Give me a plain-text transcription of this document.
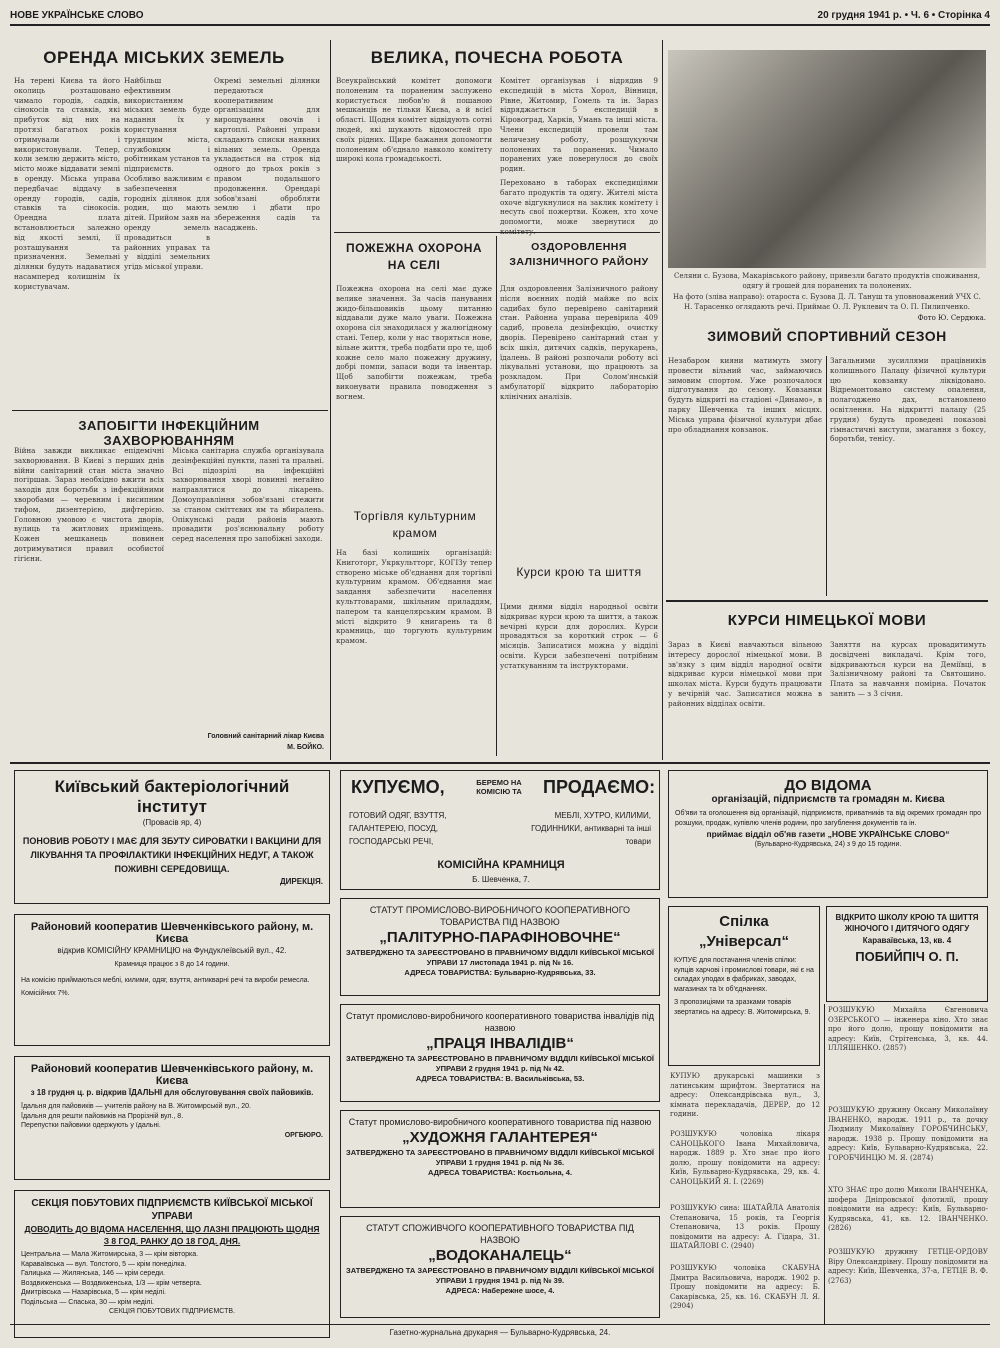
НОВЕ УКРАЇНСЬКЕ СЛОВО	20 грудня 1941 р. • Ч. 6 • Сторінка 4
ОРЕНДА МІСЬКИХ ЗЕМЕЛЬ
На терені Києва та його околиць розташовано чимало городів, садків, сінокосів та ставків, які прибуток від них на протязі багатьох років отримували і використовували. Тепер, коли землю держить місто, місто може віддавати землі в оренду. Міська управа передбачає віддачу в оренду городів, садів, ставків та сінокосів. Орендна плата встановлюється залежно від якості землі, її розташування та призначення. Земельні ділянки будуть надаватися насамперед колишнім їх користувачам.
Найбільш ефективним використанням міських земель буде надання їх у користування трудящим міста, службовцям і робітникам установ та підприємств. Особливо важливим є забезпечення городніх ділянок для родин, що мають дітей. Прийом заяв на оренду земель провадиться в районних управах та у відділі земельних угідь міської управи.
Окремі земельні ділянки передаються кооперативним організаціям для вирощування овочів і картоплі. Районні управи складають списки наявних вільних земель. Оренда укладається на строк від одного до трьох років з правом подальшого продовження. Орендарі зобов'язані обробляти землю і дбати про збереження садів та насаджень.
ЗАПОБІГТИ ІНФЕКЦІЙНИМ ЗАХВОРЮВАННЯМ
Війна завжди викликає епідемічні захворювання. В Києві з перших днів війни санітарний стан міста значно погіршав. Зараз необхідно вжити всіх заходів для боротьби з інфекційними хворобами — черевним і висипним тифом, дизентерією, дифтерією. Головною умовою є чистота дворів, вулиць та житлових приміщень. Кожен мешканець повинен дотримуватися правил особистої гігієни.
Міська санітарна служба організувала дезінфекційні пункти, лазні та пральні. Всі підозрілі на інфекційні захворювання хворі повинні негайно направлятися до лікарень. Домоуправління зобов'язані стежити за станом сміттєвих ям та вбиралень. Опікунські ради районів мають провадити роз'яснювальну роботу серед населення про запобіжні заходи.
Головний санітарний лікар Києва
М. БОЙКО.
ВЕЛИКА, ПОЧЕСНА РОБОТА
Всеукраїнський комітет допомоги полоненим та пораненим заслужено користується любов'ю й пошаною мешканців не тільки Києва, а й всієї області. Щодня комітет відвідують сотні людей, які шукають відомостей про своїх рідних. Щире бажання допомогти полоненим об'єднало навколо комітету широкі кола громадськості.
Комітет організував і відрядив 9 експедицій в міста Хорол, Вінниця, Рівне, Житомир, Гомель та ін. Зараз відряджається 5 експедицій в Кіровоград, Харків, Умань та інші міста. Члени експедицій провели там величезну роботу, розшукуючи полонених та поранених. Чимало поранених уже повернулося до своїх родин.
Переховано в таборах експедиціями багато продуктів та одягу. Жителі міста охоче відгукнулися на заклик комітету і несуть свої пожертви. Кожен, хто хоче допомогти, може звернутися до
ПОЖЕЖНА ОХОРОНА НА СЕЛІ
Пожежна охорона на селі має дуже велике значення. За часів панування жидо-більшовиків цьому питанню віддавали дуже мало уваги. Пожежна охорона сіл знаходилася у жалюгідному стані. Тепер, коли у нас творяться нове, вільне життя, треба подбати про те, щоб кожне село мало пожежну дружину, добрі помпи, запаси води та інвентар. Щоб запобігти пожежам, треба виконувати правила поводження з вогнем.
ОЗДОРОВЛЕННЯ ЗАЛІЗНИЧНОГО РАЙОНУ
Для оздоровлення Залізничного району після воєнних подій майже по всіх садибах було перевірено санітарний стан. Районна управа перевірила 409 садиб, провела дезінфекцію, очистку дворів. Перевірено санітарний стан у всіх шкіл, дитячих садків, перукарень, їдалень. В районі розпочали роботу всі лікувальні установи, що працюють за розкладом. При Солом'янській амбулаторії відкрито лабораторію клінічних аналізів.
Торгівля культурним крамом
На базі колишніх організацій: Книготорг, Укркультторг, КОГІЗу тепер створено міське об'єднання для торгівлі культурним крамом. Об'єднання має завдання забезпечити населення культтоварами, шкільним приладдям, папером та канцелярським крамом. В місті відкрито 9 книгарень та 8 крамниць, що торгують культурним крамом.
Курси крою та шиття
Цими днями відділ народньої освіти відкриває курси крою та шиття, а також вечірні курси для дорослих. Курси провадяться за короткий строк — 6 місяців. Записатися можна у відділі освіти. Курси забезпечені потрібним устаткуванням та інструкторами.
Селяни с. Бузова, Макарівського району, привезли багато продуктів споживання, одягу й грошей для поранених та полонених.
На фото (зліва направо): отароста с. Бузова Д. Л. Тануш та уповноважений УЧХ С. Н. Тарасенко оглядають речі. Приймає О. Л. Руклевич та О. П. Пилипченко.
Фото Ю. Сердюка.
ЗИМОВИЙ СПОРТИВНИЙ СЕЗОН
Незабаром кияни матимуть змогу провести вільний час, займаючись зимовим спортом. Уже розпочалося підготування до сезону. Ковзанки будуть відкриті на стадіоні «Динамо», в парку Шевченка та інших місцях. Міська управа фізичної культури дбає про обладнання ковзанок.
Загальними зусиллями працівників колишнього Палацу фізичної культури цю ковзанку ліквідовано. Відремонтовано систему опалення, полагоджено дах, встановлено освітлення. На відкритті палацу (25 грудня) будуть проведені показові гімнастичні виступи, змагання з боксу, боротьби, тенісу.
КУРСИ НІМЕЦЬКОЇ МОВИ
Зараз в Києві навчаються вільною інтересу дорослої німецької мови. В зв'язку з цим відділ народної освіти відкриває курси німецької мови при школах міста. Курси будуть працювати у вечірній час. Записатися можна в районних відділах освіти.
Заняття на курсах провадитимуть досвідчені викладачі. Крім того, відкриваються курси на Деміївці, в Залізничному районі та Святошино. Плата за навчання помірна. Початок занять — з 3 січня.
Київський бактеріологічний інститут
(Провасів яр, 4)
ПОНОВИВ РОБОТУ І МАЄ ДЛЯ ЗБУТУ СИРОВАТКИ І ВАКЦИНИ ДЛЯ ЛІКУВАННЯ ТА ПРОФІЛАКТИКИ ІНФЕКЦІЙНИХ НЕДУГ, А ТАКОЖ ПОЖИВНІ СЕРЕДОВИЩА.
ДИРЕКЦІЯ.
Районовий кооператив Шевченківського району, м. Києва
відкрив КОМІСІЙНУ КРАМНИЦЮ на Фундуклеївській вул., 42.
Крамниця працює з 8 до 14 години.
На комісію приймаються меблі, килими, одяг, взуття, антикварні речі та вироби ремесла.
Комісійних 7%.
Районовий кооператив Шевченківського району, м. Києва
з 18 грудня ц. р. відкрив ЇДАЛЬНІ для обслуговування своїх пайовиків.
Їдальня для пайовиків — учителів району на В. Житомирській вул., 20.
Їдальня для решти пайовиків на Прорізній вул., 8.
Перепустки пайовики одержують у їдальні.
ОРГБЮРО.
СЕКЦІЯ ПОБУТОВИХ ПІДПРИЄМСТВ КИЇВСЬКОЇ МІСЬКОЇ УПРАВИ
ДОВОДИТЬ ДО ВІДОМА НАСЕЛЕННЯ, ЩО ЛАЗНІ ПРАЦЮЮТЬ ЩОДНЯ З 8 ГОД. РАНКУ ДО 18 ГОД. ДНЯ.
Центральна — Мала Житомирська, 3 — крім вівторка.
Караваївська — вул. Толстого, 5 — крім понеділка.
Галицька — Жилянська, 146 — крім середи.
Воздвиженська — Воздвиженська, 1/3 — крім четверга.
Дмитрівська — Назарівська, 5 — крім неділі.
Подільська — Спаська, 30 — крім неділі.
СЕКЦІЯ ПОБУТОВИХ ПІДПРИЄМСТВ.
КУПУЄМО,	БЕРЕМО НА КОМІСІЮ ТА	ПРОДАЄМО:
ГОТОВИЙ ОДЯГ, ВЗУТТЯ, ГАЛАНТЕРЕЮ, ПОСУД, ГОСПОДАРСЬКІ РЕЧІ,
МЕБЛІ, ХУТРО, КИЛИМИ, ГОДИННИКИ, антикварні та інші товари
КОМІСІЙНА КРАМНИЦЯ
Б. Шевченка, 7.
СТАТУТ ПРОМИСЛОВО-ВИРОБНИЧОГО КООПЕРАТИВНОГО ТОВАРИСТВА ПІД НАЗВОЮ
„ПАЛІТУРНО-ПАРАФІНОВОЧНЕ“
ЗАТВЕРДЖЕНО ТА ЗАРЕЄСТРОВАНО В ПРАВНИЧОМУ ВІДДІЛІ КИЇВСЬКОЇ МІСЬКОЇ УПРАВИ 17 листопада 1941 р. під № 16.
АДРЕСА ТОВАРИСТВА: Бульварно-Кудрявська, 33.
Статут промислово-виробничого кооперативного товариства інвалідів під назвою
„ПРАЦЯ ІНВАЛІДІВ“
ЗАТВЕРДЖЕНО ТА ЗАРЕЄСТРОВАНО В ПРАВНИЧОМУ ВІДДІЛІ КИЇВСЬКОЇ МІСЬКОЇ УПРАВИ 2 грудня 1941 р. під № 42.
АДРЕСА ТОВАРИСТВА: В. Васильківська, 53.
Статут промислово-виробничого кооперативного товариства під назвою
„ХУДОЖНЯ ГАЛАНТЕРЕЯ“
ЗАТВЕРДЖЕНО ТА ЗАРЕЄСТРОВАНО В ПРАВНИЧОМУ ВІДДІЛІ КИЇВСЬКОЇ МІСЬКОЇ УПРАВИ 1 грудня 1941 р. під № 36.
АДРЕСА ТОВАРИСТВА: Костьольна, 4.
СТАТУТ СПОЖИВЧОГО КООПЕРАТИВНОГО ТОВАРИСТВА ПІД НАЗВОЮ
„ВОДОКАНАЛЕЦЬ“
ЗАТВЕРДЖЕНО ТА ЗАРЕЄСТРОВАНО В ПРАВНИЧОМУ ВІДДІЛІ КИЇВСЬКОЇ МІСЬКОЇ УПРАВИ 1 грудня 1941 р. під № 39.
АДРЕСА: Набережне шосе, 4.
ДО ВІДОМА
організацій, підприємств та громадян м. Києва
Об'яви та оголошення від організацій, підприємств, приватників та від окремих громадян про розшуки, продаж, купівлю членів родини, про загублення документів та ін.
приймає відділ об'яв газети „НОВЕ УКРАЇНСЬКЕ СЛОВО“
(Бульварно-Кудрявська, 24) з 9 до 15 години.
Спілка „Універсал“
КУПУЄ для постачання членів спілки: купців харчові і промислові товари, які є на складах уподах в фабриках, заводах, магазинах та їх об'єднаннях.
З пропозиціями та зразками товарів звертатись на адресу: В. Житомирська, 9.
ВІДКРИТО ШКОЛУ КРОЮ ТА ШИТТЯ ЖІНОЧОГО І ДИТЯЧОГО ОДЯГУ
Караваївська, 13, кв. 4
ПОБИЙПІЧ О. П.
КУПУЮ друкарські машинки з латинським шрифтом. Звертатися на адресу: Олександрівська вул., 3, кімната перекладачів, ДЕРЕР, до 12 години.
РОЗШУКУЮ чоловіка лікаря САНОЦЬКОГО Івана Михайловича, народж. 1889 р. Хто знає про його долю, прошу повідомити на адресу: Київ, Бульварно-Кудрявська, 29, кв. 4. САНОЦЬКИЙ Я. І. (2269)
РОЗШУКУЮ сина: ШАТАЙЛА Анатолія Степановича, 15 років, та Георгія Степановича, 13 років. Прошу повідомити на адресу: А. Гідара, 31. ШАТАЙЛОВІ С. (2940)
РОЗШУКУЮ чоловіка СКАБУНА Дмитра Васильовича, народж. 1902 р. Прошу повідомити на адресу: Б. Сакарівська, 25, кв. 16. СКАБУН Л. Я. (2904)
РОЗШУКУЮ Михайла Євгеновича ОЗЕРСЬКОГО — інженера кіно. Хто знає про його долю, прошу повідомити на адресу: Київ, Стрітенська, 3, кв. 44. ІЛЛЯШЕНКО. (2857)
РОЗШУКУЮ дружину Оксану Миколаївну ІВАНЕНКО, народж. 1911 р., та дочку Людмилу Миколаївну ГОРОБЧИНСЬКУ, народж. 1938 р. Прошу повідомити на адресу: Київ, Бульварно-Кудрявська, 22. ГОРОБЧИНЦЮ М. Я. (2874)
ХТО ЗНАЄ про долю Миколи ІВАНЧЕНКА, шофера Дніпровської флотилії, прошу повідомити на адресу: Київ, Бульварно-Кудрявська, 41, кв. 12. ІВАНЧЕНКО. (2826)
РОЗШУКУЮ дружину ГЕТЦЕ-ОРДОВУ Віру Олександрівну. Прошу повідомити на адресу: Київ, Шевченка, 37-а, ГЕТЦЕ В. Ф. (2763)
Газетно-журнальна друкарня — Бульварно-Кудрявська, 24.
